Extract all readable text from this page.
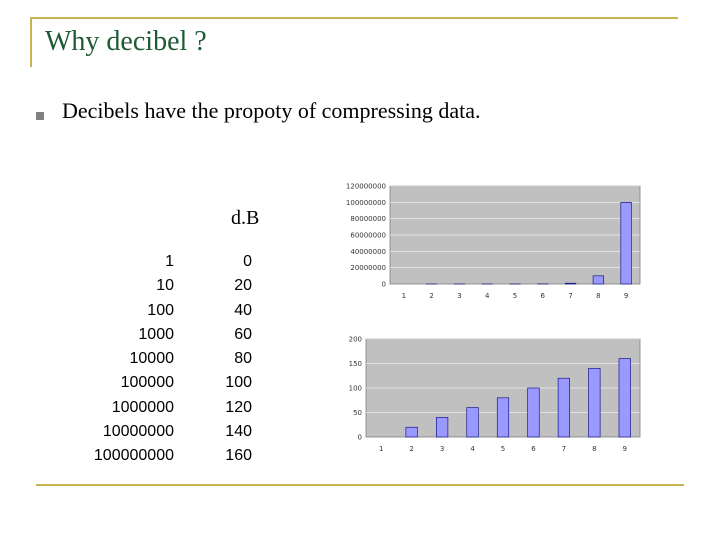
Why decibel ?
Decibels have the propoty of compressing data.
d.B
1	0
10	20
100	40
1000	60
10000	80
100000	100
1000000	120
10000000	140
100000000	160
0
20000000
40000000
60000000
80000000
100000000
120000000
1	2	3	4	5	6	7	8	9
0
50
100
150
200
1	2	3	4	5	6	7	8	9
